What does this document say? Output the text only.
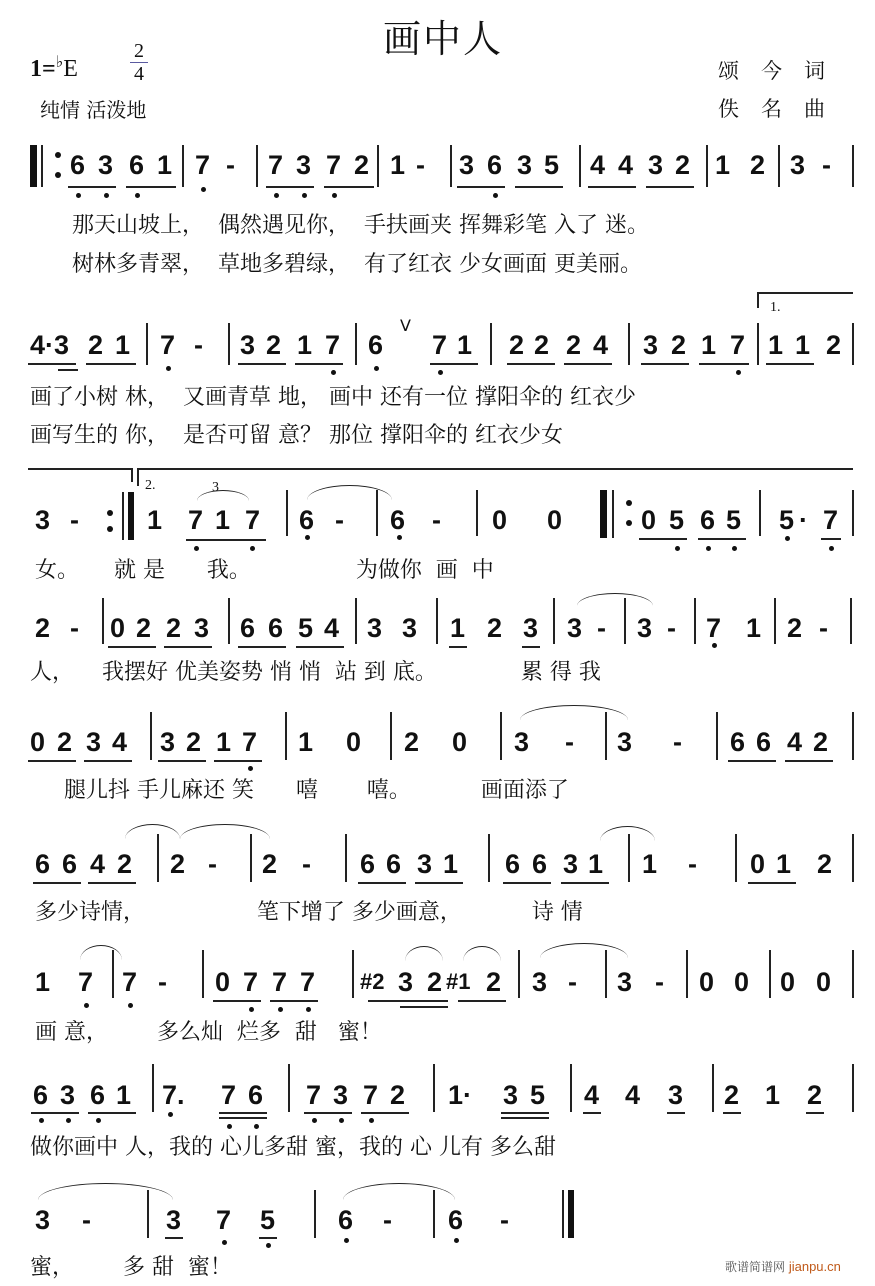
画中人
1=♭E
2
4
纯情 活泼地
颂今词
佚名曲
6 3 6 1 7 - 7 3 7 2 1 - 3 6 3 5 4 4 3 2 1 2 3 -
那天山坡上，  偶然遇见你，  手扶画夹 挥舞彩笔 入了 迷。
树林多青翠，  草地多碧绿，  有了红衣 少女画面 更美丽。
4·3 2 1 7 - 3 2 1 7 6
V
7 1 2 2 2 4 3 2 1 7
1.
1 1 2
画了小树 林，  又画青草 地， 画中 还有一位 撑阳伞的 红衣少
画写生的 你，  是否可留 意？ 那位 撑阳伞的 红衣少女
2.
3 -	1
3
7 1 7 6 - 6 - 0 0	0 5 6 5 5 · 7
女。     就 是      我。               为做你  画  中
2 - 0 2 2 3 6 6 5 4 3 3 1 2 3 3 - 3 - 7 1 2 -
人，    我摆好 优美姿势 悄 悄  站 到 底。            累 得 我
0 2 3 4 3 2 1 7 1 0 2 0 3 - 3 - 6 6 4 2
腿儿抖 手儿麻还 笑      嘻       嘻。          画面添了
6 6 4 2 2 - 2 - 6 6 3 1 6 6 3 1 1 - 0 1 2
多少诗情，                笔下增了 多少画意，          诗 情
1 7 7 - 0 7 7 7 #2 3 2 #1 2 3 - 3 - 0 0 0 0
画 意，       多么灿  烂多  甜   蜜！
6 3 6 1 7. 7 6 7 3 7 2 1· 3 5 4 4 3 2 1 2
做你画中 人，我的 心儿多甜 蜜，我的 心 儿有 多么甜
3 -	3 7 5 6 - 6 -
蜜，       多 甜  蜜！	歌谱简谱网 jianpu.cn
